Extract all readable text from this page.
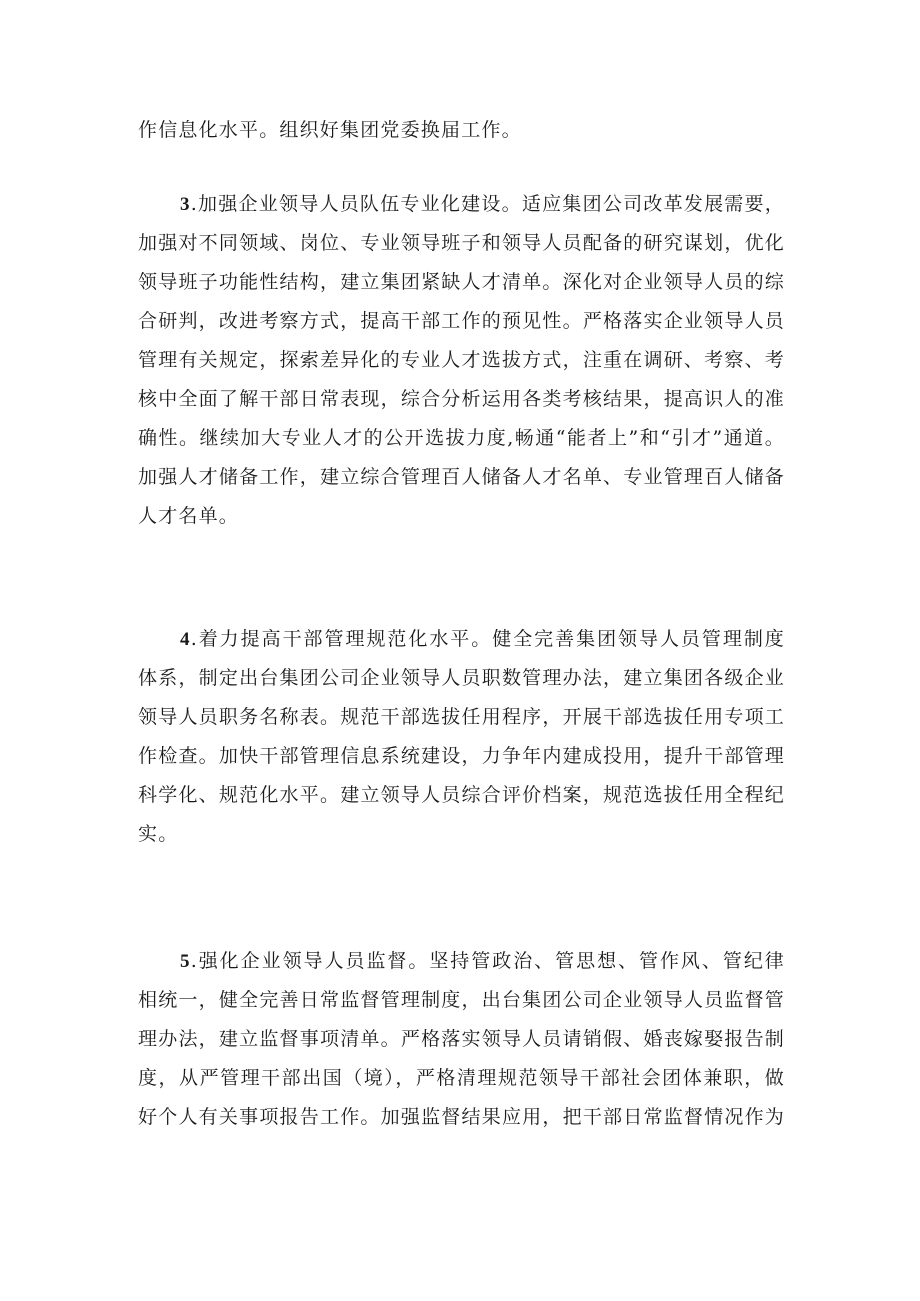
作信息化水平。组织好集团党委换届工作。
3.加强企业领导人员队伍专业化建设。适应集团公司改革发展需要，
加强对不同领域、岗位、专业领导班子和领导人员配备的研究谋划，优化
领导班子功能性结构，建立集团紧缺人才清单。深化对企业领导人员的综
合研判，改进考察方式，提高干部工作的预见性。严格落实企业领导人员
管理有关规定，探索差异化的专业人才选拔方式，注重在调研、考察、考
核中全面了解干部日常表现，综合分析运用各类考核结果，提高识人的准
确性。继续加大专业人才的公开选拔力度,畅通“能者上”和“引才”通道。
加强人才储备工作，建立综合管理百人储备人才名单、专业管理百人储备
人才名单。
4.着力提高干部管理规范化水平。健全完善集团领导人员管理制度
体系，制定出台集团公司企业领导人员职数管理办法，建立集团各级企业
领导人员职务名称表。规范干部选拔任用程序，开展干部选拔任用专项工
作检查。加快干部管理信息系统建设，力争年内建成投用，提升干部管理
科学化、规范化水平。建立领导人员综合评价档案，规范选拔任用全程纪
实。
5.强化企业领导人员监督。坚持管政治、管思想、管作风、管纪律
相统一，健全完善日常监督管理制度，出台集团公司企业领导人员监督管
理办法，建立监督事项清单。严格落实领导人员请销假、婚丧嫁娶报告制
度，从严管理干部出国（境），严格清理规范领导干部社会团体兼职，做
好个人有关事项报告工作。加强监督结果应用，把干部日常监督情况作为
